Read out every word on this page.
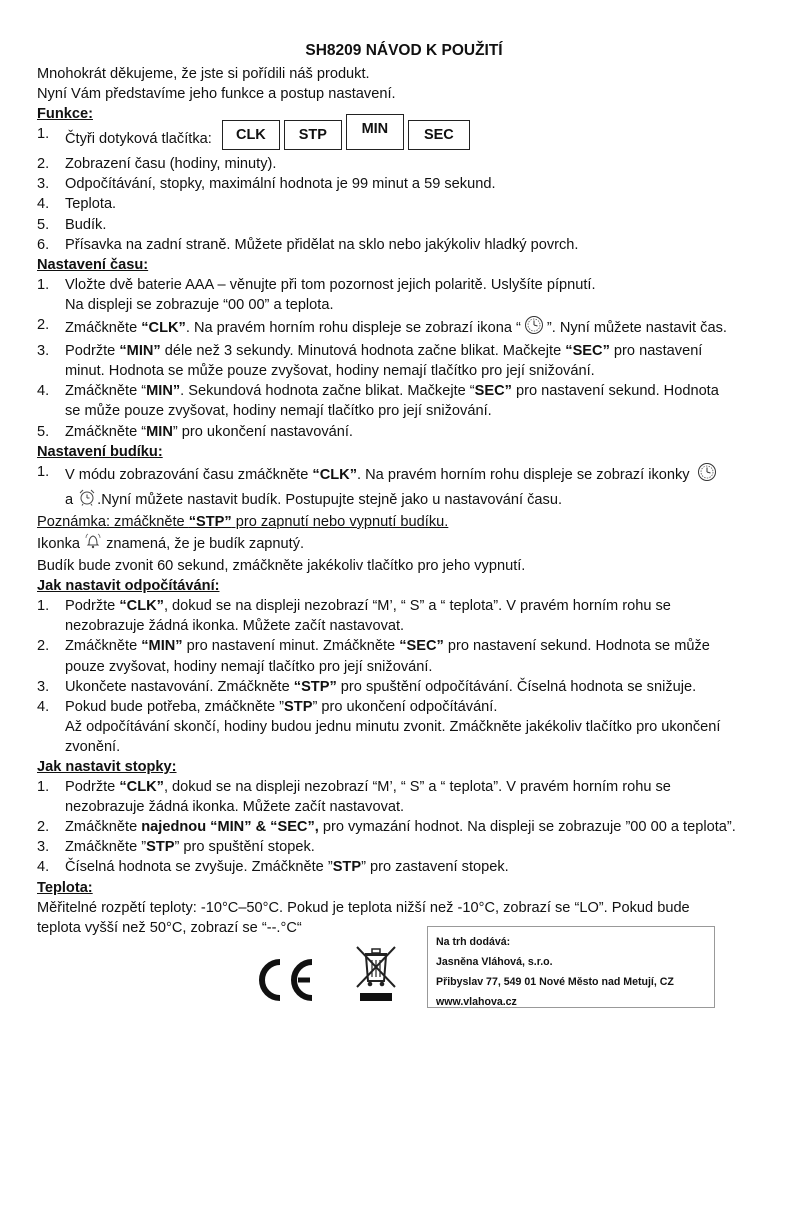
SH8209 NÁVOD K POUŽITÍ
Mnohokrát děkujeme, že jste si pořídili náš produkt.
Nyní Vám představíme jeho funkce a postup nastavení.
Funkce:
1.	Čtyři dotyková tlačítka:	CLK	STP	MIN	SEC
2.	Zobrazení času (hodiny, minuty).
3.	Odpočítávání, stopky, maximální hodnota je 99 minut a 59 sekund.
4.	Teplota.
5.	Budík.
6.	Přísavka na zadní straně. Můžete přidělat na sklo nebo jakýkoliv hladký povrch.
Nastavení času:
1.	Vložte dvě baterie AAA – věnujte při tom pozornost jejich polaritě. Uslyšíte pípnutí.
Na displeji se zobrazuje “00 00” a teplota.
2.	Zmáčkněte “CLK”. Na pravém horním rohu displeje se zobrazí ikona “ ”. Nyní můžete nastavit čas.
3.	Podržte “MIN” déle než 3 sekundy. Minutová hodnota začne blikat. Mačkejte “SEC” pro nastavení
minut. Hodnota se může pouze zvyšovat, hodiny nemají tlačítko pro její snižování.
4.	Zmáčkněte “MIN”. Sekundová hodnota začne blikat. Mačkejte “SEC” pro nastavení sekund. Hodnota
se může pouze zvyšovat, hodiny nemají tlačítko pro její snižování.
5.	Zmáčkněte “MIN” pro ukončení nastavování.
Nastavení budíku:
1.	V módu zobrazování času zmáčkněte “CLK”. Na pravém horním rohu displeje se zobrazí ikonky
a .Nyní můžete nastavit budík. Postupujte stejně jako u nastavování času.
Poznámka: zmáčkněte “STP” pro zapnutí nebo vypnutí budíku.
Ikonka  znamená, že je budík zapnutý.
Budík bude zvonit 60 sekund, zmáčkněte jakékoliv tlačítko pro jeho vypnutí.
Jak nastavit odpočítávání:
1.	Podržte “CLK”, dokud se na displeji nezobrazí “M’, “ S” a “ teplota”. V pravém horním rohu se
nezobrazuje žádná ikonka. Můžete začít nastavovat.
2.	Zmáčkněte “MIN” pro nastavení minut. Zmáčkněte “SEC” pro nastavení sekund. Hodnota se může
pouze zvyšovat, hodiny nemají tlačítko pro její snižování.
3.	Ukončete nastavování. Zmáčkněte “STP” pro spuštění odpočítávání. Číselná hodnota se snižuje.
4.	Pokud bude potřeba, zmáčkněte ”STP” pro ukončení odpočítávání.
Až odpočítávání skončí, hodiny budou jednu minutu zvonit. Zmáčkněte jakékoliv tlačítko pro ukončení
zvonění.
Jak nastavit stopky:
1.	Podržte “CLK”, dokud se na displeji nezobrazí “M’, “ S” a “ teplota”. V pravém horním rohu se
nezobrazuje žádná ikonka. Můžete začít nastavovat.
2.	Zmáčkněte najednou “MIN” & “SEC”, pro vymazání hodnot. Na displeji se zobrazuje ”00 00 a teplota”.
3.	Zmáčkněte ”STP” pro spuštění stopek.
4.	Číselná hodnota se zvyšuje. Zmáčkněte ”STP” pro zastavení stopek.
Teplota:
Měřitelné rozpětí teploty: -10°C–50°C. Pokud je teplota nižší než -10°C, zobrazí se “LO”. Pokud bude
teplota vyšší než 50°C, zobrazí se “--.°C“
Na trh dodává:
Jasněna Vláhová, s.r.o.
Přibyslav 77, 549 01 Nové Město nad Metují, CZ
www.vlahova.cz
